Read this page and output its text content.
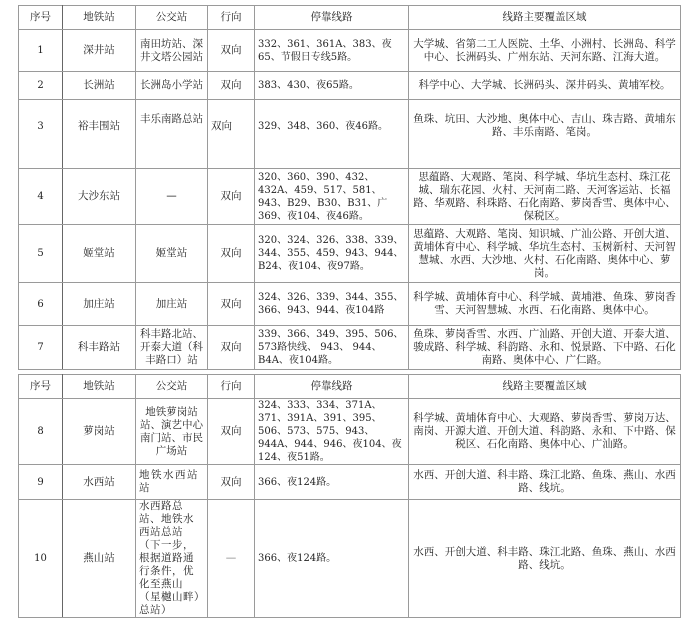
序号	地铁站	公交站	行向	停靠线路	线路主要覆盖区域
1	深井站	南田坊站、深井文塔公园站	双向	332、361、361A、383、夜65、节假日专线5路。	大学城、省第二工人医院、土华、小洲村、长洲岛、科学中心、长洲码头、广州东站、天河东路、江海大道。
2	长洲站	长洲岛小学站	双向	383、430、夜65路。	科学中心、大学城、长洲码头、深井码头、黄埔军校。
3	裕丰围站	丰乐南路总站	双向	329、348、360、夜46路。	鱼珠、坑田、大沙地、奥体中心、吉山、珠吉路、黄埔东路、丰乐南路、笔岗。
4	大沙东站	—	双向	320、360、390、432、432A、459、517、581、943、B29、B30、B31、广369、夜104、夜46路。	思蕴路、大观路、笔岗、科学城、华坑生态村、珠江花城、瑞东花园、火村、天河南二路、天河客运站、长福路、华观路、科珠路、石化南路、萝岗香雪、奥体中心、保税区。
5	姬堂站	姬堂站	双向	320、324、326、338、339、344、355、459、943、944、B24、夜104、夜97路。	思蕴路、大观路、笔岗、知识城、广汕公路、开创大道、黄埔体育中心、科学城、华坑生态村、玉树新村、天河智慧城、水西、大沙地、火村、石化南路、奥体中心、萝岗。
6	加庄站	加庄站	双向	324、326、339、344、355、366、943、944、夜104路	科学城、黄埔体育中心、科学城、黄埔港、鱼珠、萝岗香雪、天河智慧城、水西、石化南路、奥体中心。
7	科丰路站	科丰路北站、开泰大道（科丰路口）站	双向	339、366、349、395、506、573路快线、 943、 944、B4A、夜104路。	鱼珠、萝岗香雪、水西、广汕路、开创大道、开泰大道、骏成路、科学城、科韵路、永和、悦景路、下中路、石化南路、奥体中心、广仁路。
序号	地铁站	公交站	行向	停靠线路	线路主要覆盖区域
8	萝岗站	地铁萝岗站站、演艺中心南门站、市民广场站	双向	324、333、334、371A、371、391A、391、395、506、573、575、943、944A、944、946、夜104、夜124、夜51路。	科学城、黄埔体育中心、大观路、萝岗香雪、萝岗万达、南岗、开源大道、开创大道、科韵路、永和、下中路、保税区、石化南路、奥体中心、广汕路。
9	水西站	地铁水西站站	双向	366、夜124路。	水西、开创大道、科丰路、珠江北路、鱼珠、燕山、水西路、线坑。
10	燕山站	水西路总站、地铁水西站总站（下一步，根据道路通行条件，优化至燕山（星樾山畔）总站）	—	366、夜124路。	水西、开创大道、科丰路、珠江北路、鱼珠、燕山、水西路、线坑。
